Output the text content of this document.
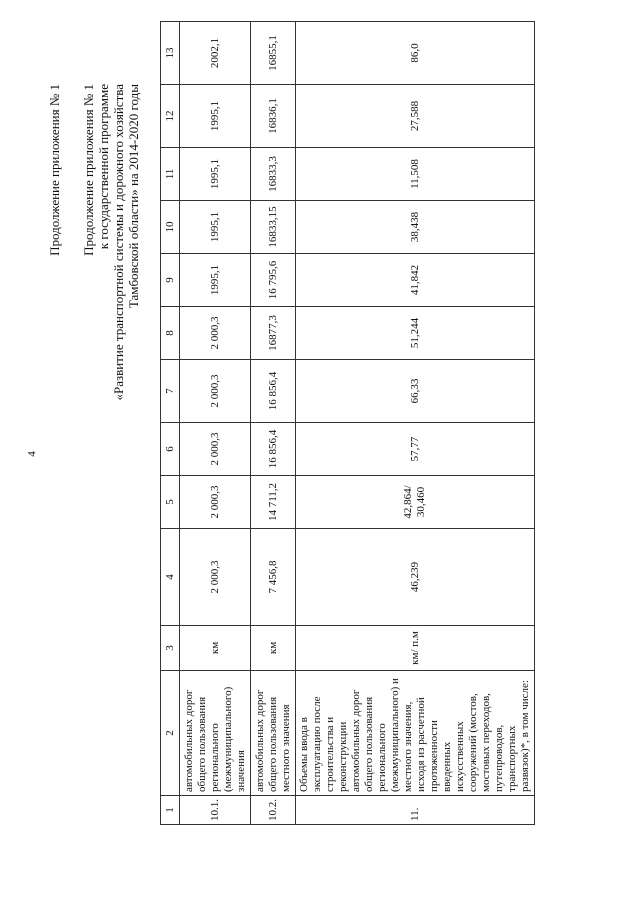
4
Продолжение приложения № 1 Продолжение приложения № 1 к государственной программе «Развитие транспортной системы и дорожного хозяйства Тамбовской области» на 2014-2020 годы
1	2	3	4	5	6	7	8	9	10	11	12	13
10.1.	автомобильных дорог общего пользования регионального (межмуниципального) значения	км	2 000,3	2 000,3	2 000,3	2 000,3	2 000,3	1995,1	1995,1	1995,1	1995,1	2002,1
10.2.	автомобильных дорог общего пользования местного значения	км	7 456,8	14 711,2	16 856,4	16 856,4	16877,3	16 795,6	16833,15	16833,3	16836,1	16855,1
11.	Объемы ввода в эксплуатацию после строительства и реконструкции автомобильных дорог общего пользования регионального (межмуниципального) и местного значения, исходя из расчетной протяженности введенных искусственных сооружений (мостов, мостовых переходов, путепроводов, транспортных развязок)*, в том числе:	км/ п.м	46,239	42,864/ 30,460	57,77	66,33	51,244	41,842	38,438	11,508	27,588	86,0
